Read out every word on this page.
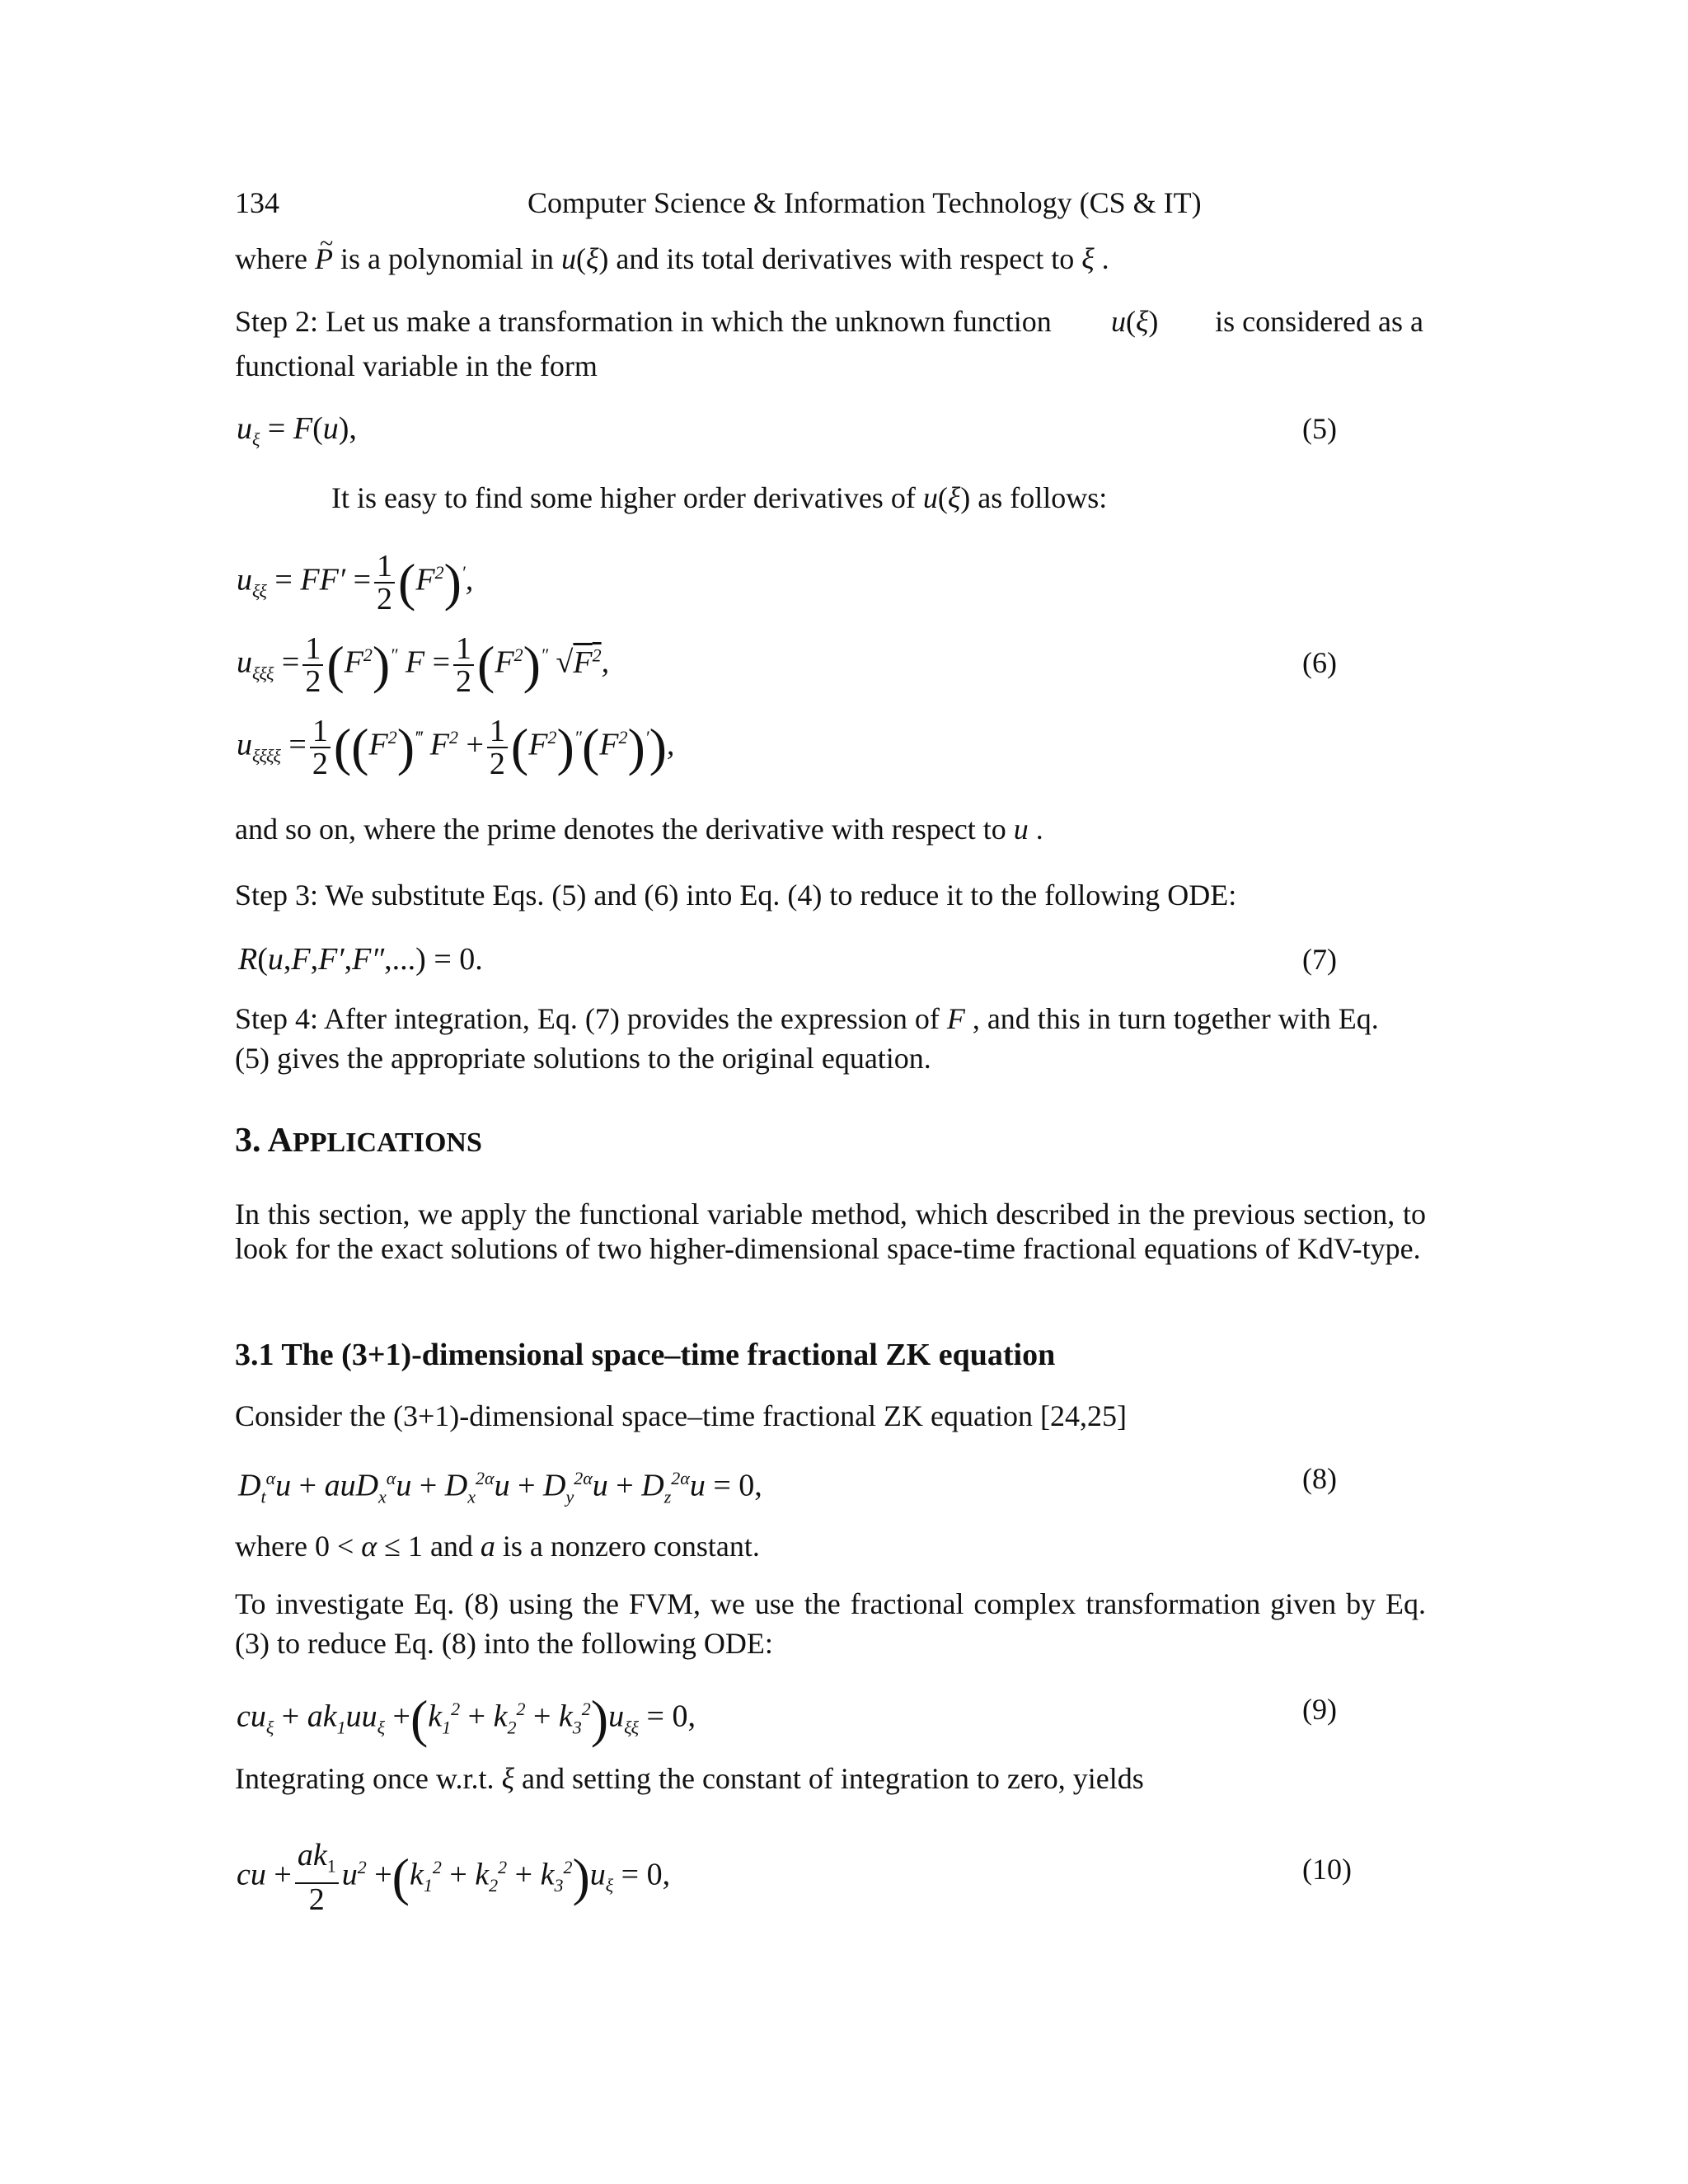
134	Computer Science & Information Technology (CS & IT)
where ~ P is a polynomial in u(ξ) and its total derivatives with respect to ξ .
Step 2: Let us make a transformation in which the unknown function u(ξ) is considered as a
functional variable in the form
$u_\xi = F(u)$,	(5)
It is easy to find some higher order derivatives of u(ξ) as follows:
$u_{\xi\xi} = FF' = \frac{1}{2} (F^2)'$,
$u_{\xi\xi\xi} = \frac{1}{2} (F^2)''$ $F = \frac{1}{2} (F^2)''$ $√F^2$,	(6)
$u_{\xi\xi\xi\xi} = \frac{1}{2} ((F^2)^‴$ $F^2 + \frac{1}{2} (F^2)''(F^2)'$),
and so on, where the prime denotes the derivative with respect to u .
Step 3: We substitute Eqs. (5) and (6) into Eq. (4) to reduce it to the following ODE:
R(u,F,F′,F″,...) = 0.	(7)
Step 4: After integration, Eq. (7) provides the expression of F , and this in turn together with Eq.
(5) gives the appropriate solutions to the original equation.
3. APPLICATIONS
In this section, we apply the functional variable method, which described in the previous section, to look for the exact solutions of two higher-dimensional space-time fractional equations of KdV-type.
3.1 The (3+1)-dimensional space–time fractional ZK equation
Consider the (3+1)-dimensional space–time fractional ZK equation [24,25]
$D_t^\alpha u + auD_x^\alpha u + D_x^{2\alpha}u + D_y^{2\alpha}u + D_z^{2\alpha}u = 0$,	(8)
where 0 < α ≤ 1 and a is a nonzero constant.
To investigate Eq. (8) using the FVM, we use the fractional complex transformation given by Eq. (3) to reduce Eq. (8) into the following ODE:
$cu_\xi + ak_1uu_\xi +(k_1^2 + k_2^2 + k_3^2)u_{\xi\xi} = 0$,	(9)
Integrating once w.r.t. ξ and setting the constant of integration to zero, yields
cu + $\frac{ak_1}{2} u^2 +(k_1^2 + k_2^2 + k_3^2)u_\xi = 0$,	(10)
